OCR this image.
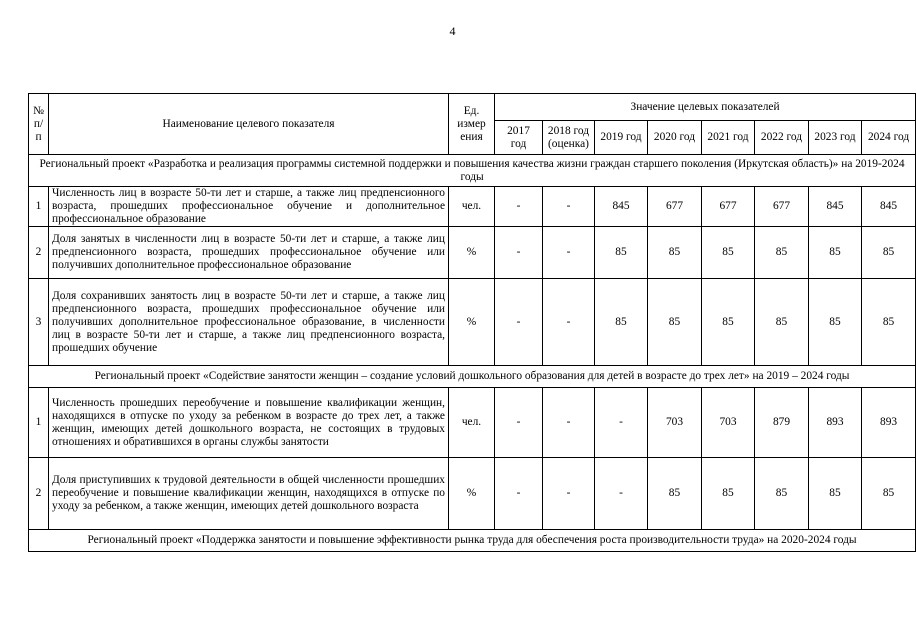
4
№ п/п	Наименование целевого показателя	Ед. измер ения	Значение целевых показателей							
			2017 год	2018 год (оценка)	2019 год	2020 год	2021 год	2022 год	2023 год	2024 год
Региональный проект «Разработка и реализация программы системной поддержки и повышения качества жизни граждан старшего поколения (Иркутская область)» на 2019-2024 годы										
1	Численность лиц в возрасте 50-ти лет и старше, а также лиц предпенсионного возраста, прошедших профессиональное обучение и дополнительное профессиональное образование	чел.	-	-	845	677	677	677	845	845
2	Доля занятых в численности лиц в возрасте 50-ти лет и старше, а также лиц предпенсионного возраста, прошедших профессиональное обучение или получивших дополнительное профессиональное образование	%	-	-	85	85	85	85	85	85
3	Доля сохранивших занятость лиц в возрасте 50-ти лет и старше, а также лиц предпенсионного возраста, прошедших профессиональное обучение или получивших дополнительное профессиональное образование, в численности лиц в возрасте 50-ти лет и старше, а также лиц предпенсионного возраста, прошедших обучение	%	-	-	85	85	85	85	85	85
Региональный проект «Содействие занятости женщин – создание условий дошкольного образования для детей в возрасте до трех лет» на 2019 – 2024 годы										
1	Численность прошедших переобучение и повышение квалификации женщин, находящихся в отпуске по уходу за ребенком в возрасте до трех лет, а также женщин, имеющих детей дошкольного возраста, не состоящих в трудовых отношениях и обратившихся в органы службы занятости	чел.	-	-	-	703	703	879	893	893
2	Доля приступивших к трудовой деятельности в общей численности прошедших переобучение и повышение квалификации женщин, находящихся в отпуске по уходу за ребенком, а также женщин, имеющих детей дошкольного возраста	%	-	-	-	85	85	85	85	85
Региональный проект «Поддержка занятости и повышение эффективности рынка труда для обеспечения роста производительности труда» на 2020-2024 годы										
